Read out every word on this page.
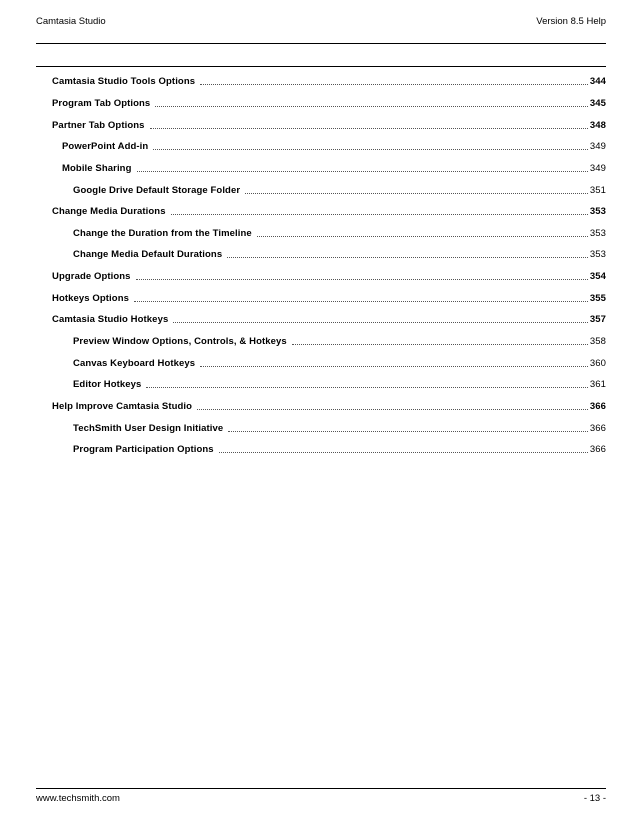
Camtasia Studio	Version 8.5 Help
Camtasia Studio Tools Options	344
Program Tab Options	345
Partner Tab Options	348
PowerPoint Add-in	349
Mobile Sharing	349
Google Drive Default Storage Folder	351
Change Media Durations	353
Change the Duration from the Timeline	353
Change Media Default Durations	353
Upgrade Options	354
Hotkeys Options	355
Camtasia Studio Hotkeys	357
Preview Window Options, Controls, & Hotkeys	358
Canvas Keyboard Hotkeys	360
Editor Hotkeys	361
Help Improve Camtasia Studio	366
TechSmith User Design Initiative	366
Program Participation Options	366
www.techsmith.com	- 13 -
